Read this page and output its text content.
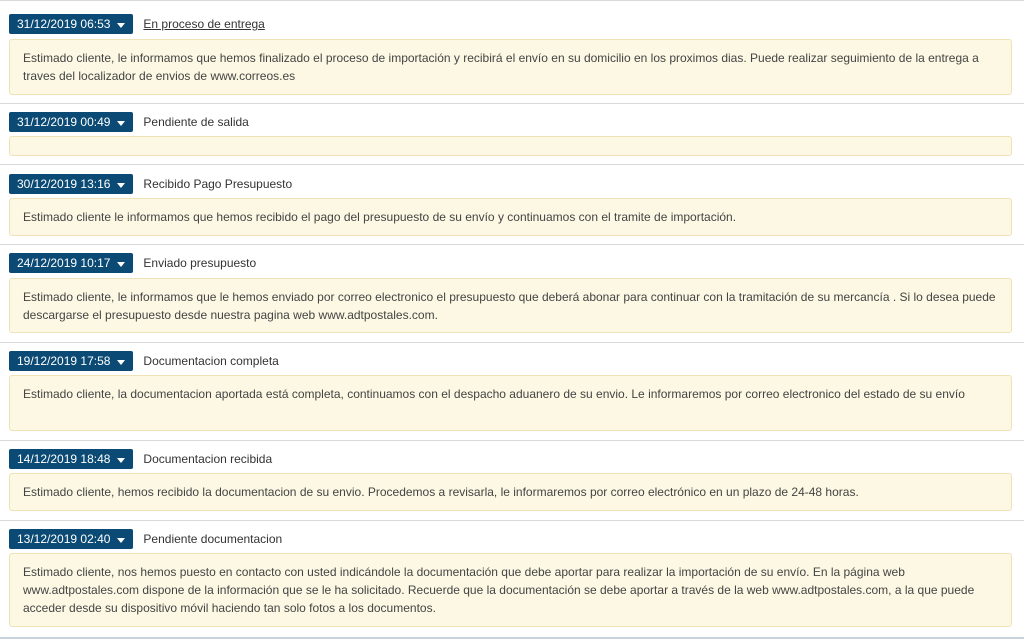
31/12/2019 06:53	En proceso de entrega
Estimado cliente, le informamos que hemos finalizado el proceso de importación y recibirá el envío en su domicilio en los proximos dias. Puede realizar seguimiento de la entrega a traves del localizador de envios de www.correos.es
31/12/2019 00:49	Pendiente de salida
30/12/2019 13:16	Recibido Pago Presupuesto
Estimado cliente le informamos que hemos recibido el pago del presupuesto de su envío y continuamos con el tramite de importación.
24/12/2019 10:17	Enviado presupuesto
Estimado cliente, le informamos que le hemos enviado por correo electronico el presupuesto que deberá abonar para continuar con la tramitación de su mercancía . Si lo desea puede descargarse el presupuesto desde nuestra pagina web www.adtpostales.com.
19/12/2019 17:58	Documentacion completa
Estimado cliente, la documentacion aportada está completa, continuamos con el despacho aduanero de su envio. Le informaremos por correo electronico del estado de su envío
14/12/2019 18:48	Documentacion recibida
Estimado cliente, hemos recibido la documentacion de su envio. Procedemos a revisarla, le informaremos por correo electrónico en un plazo de 24-48 horas.
13/12/2019 02:40	Pendiente documentacion
Estimado cliente, nos hemos puesto en contacto con usted indicándole la documentación que debe aportar para realizar la importación de su envío. En la página web www.adtpostales.com dispone de la información que se le ha solicitado. Recuerde que la documentación se debe aportar a través de la web www.adtpostales.com, a la que puede acceder desde su dispositivo móvil haciendo tan solo fotos a los documentos.
